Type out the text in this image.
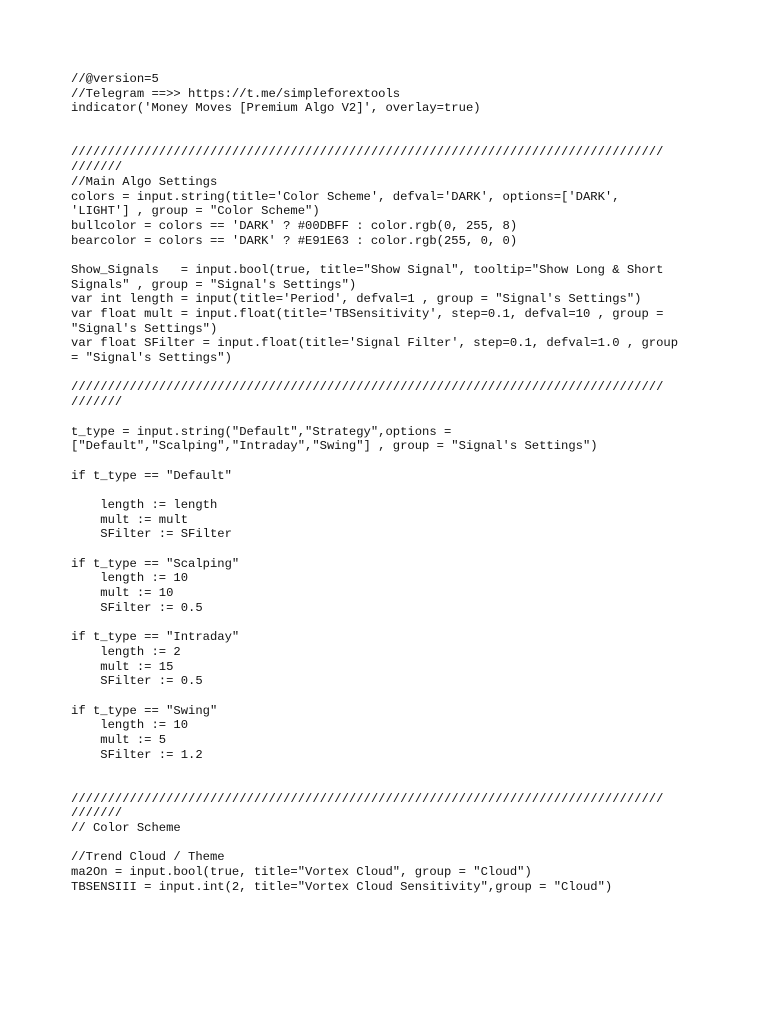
//@version=5
//Telegram ==>> https://t.me/simpleforextools
indicator('Money Moves [Premium Algo V2]', overlay=true)
/////////////////////////////////////////////////////////////////////////////////
///////
//Main Algo Settings
colors = input.string(title='Color Scheme', defval='DARK', options=['DARK',
'LIGHT'] , group = "Color Scheme")
bullcolor = colors == 'DARK' ? #00DBFF : color.rgb(0, 255, 8)
bearcolor = colors == 'DARK' ? #E91E63 : color.rgb(255, 0, 0)
Show_Signals   = input.bool(true, title="Show Signal", tooltip="Show Long & Short
Signals" , group = "Signal's Settings")
var int length = input(title='Period', defval=1 , group = "Signal's Settings")
var float mult = input.float(title='TBSensitivity', step=0.1, defval=10 , group =
"Signal's Settings")
var float SFilter = input.float(title='Signal Filter', step=0.1, defval=1.0 , group
= "Signal's Settings")
/////////////////////////////////////////////////////////////////////////////////
///////
t_type = input.string("Default","Strategy",options =
["Default","Scalping","Intraday","Swing"] , group = "Signal's Settings")
if t_type == "Default"
length := length
mult := mult
SFilter := SFilter
if t_type == "Scalping"
length := 10
mult := 10
SFilter := 0.5
if t_type == "Intraday"
length := 2
mult := 15
SFilter := 0.5
if t_type == "Swing"
length := 10
mult := 5
SFilter := 1.2
/////////////////////////////////////////////////////////////////////////////////
///////
// Color Scheme
//Trend Cloud / Theme
ma2On = input.bool(true, title="Vortex Cloud", group = "Cloud")
TBSENSIII = input.int(2, title="Vortex Cloud Sensitivity",group = "Cloud")
